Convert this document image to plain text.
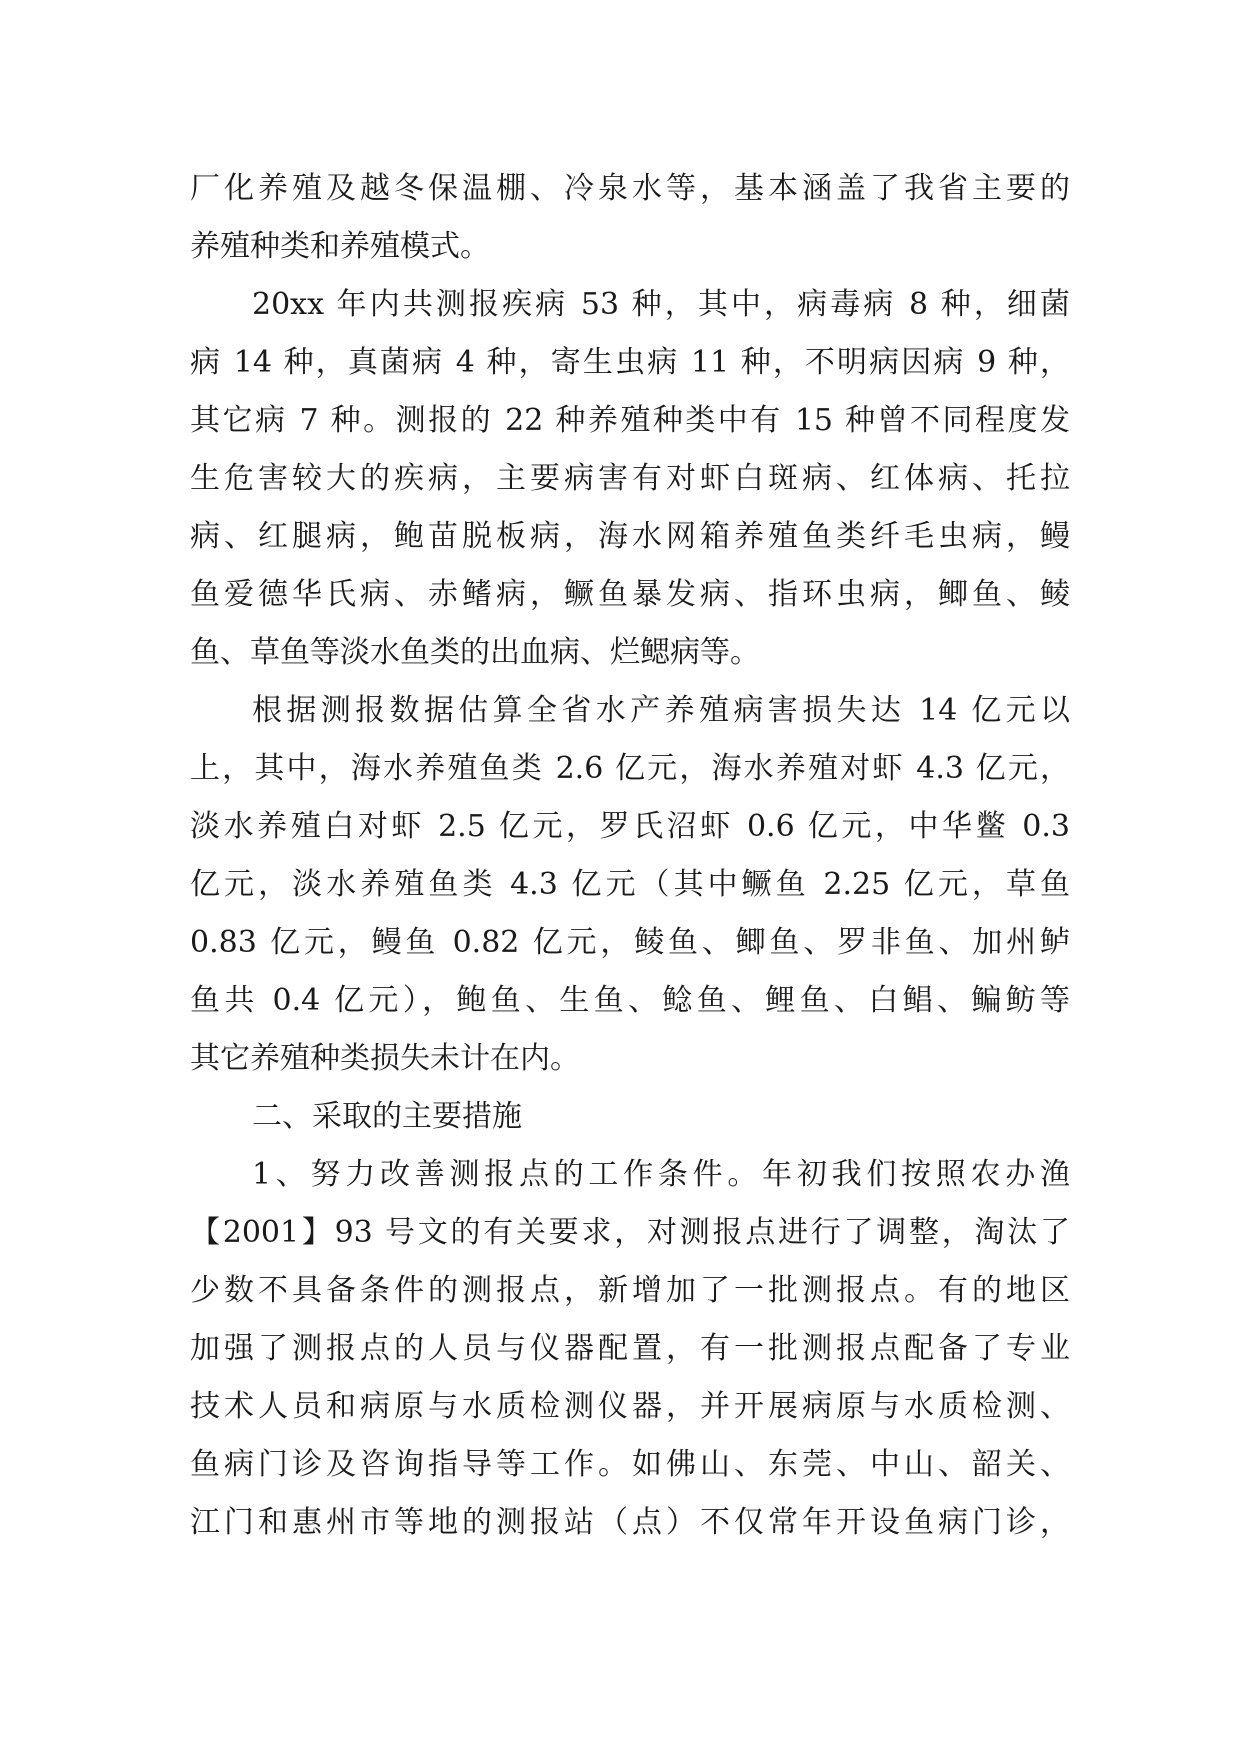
厂化养殖及越冬保温棚、冷泉水等，基本涵盖了我省主要的
养殖种类和养殖模式。
20xx 年内共测报疾病 53 种，其中，病毒病 8 种，细菌
病 14 种，真菌病 4 种，寄生虫病 11 种，不明病因病 9 种，
其它病 7 种。测报的 22 种养殖种类中有 15 种曾不同程度发
生危害较大的疾病，主要病害有对虾白斑病、红体病、托拉
病、红腿病，鲍苗脱板病，海水网箱养殖鱼类纤毛虫病，鳗
鱼爱德华氏病、赤鳍病，鳜鱼暴发病、指环虫病，鲫鱼、鲮
鱼、草鱼等淡水鱼类的出血病、烂鳃病等。
根据测报数据估算全省水产养殖病害损失达 14 亿元以
上，其中，海水养殖鱼类 2.6 亿元，海水养殖对虾 4.3 亿元，
淡水养殖白对虾 2.5 亿元，罗氏沼虾 0.6 亿元，中华鳖 0.3
亿元，淡水养殖鱼类 4.3 亿元（其中鳜鱼 2.25 亿元，草鱼
0.83 亿元，鳗鱼 0.82 亿元，鲮鱼、鲫鱼、罗非鱼、加州鲈
鱼共 0.4 亿元），鲍鱼、生鱼、鲶鱼、鲤鱼、白鲳、鳊鲂等
其它养殖种类损失未计在内。
二、采取的主要措施
1、努力改善测报点的工作条件。年初我们按照农办渔
【2001】93 号文的有关要求，对测报点进行了调整，淘汰了
少数不具备条件的测报点，新增加了一批测报点。有的地区
加强了测报点的人员与仪器配置，有一批测报点配备了专业
技术人员和病原与水质检测仪器，并开展病原与水质检测、
鱼病门诊及咨询指导等工作。如佛山、东莞、中山、韶关、
江门和惠州市等地的测报站（点）不仅常年开设鱼病门诊，
